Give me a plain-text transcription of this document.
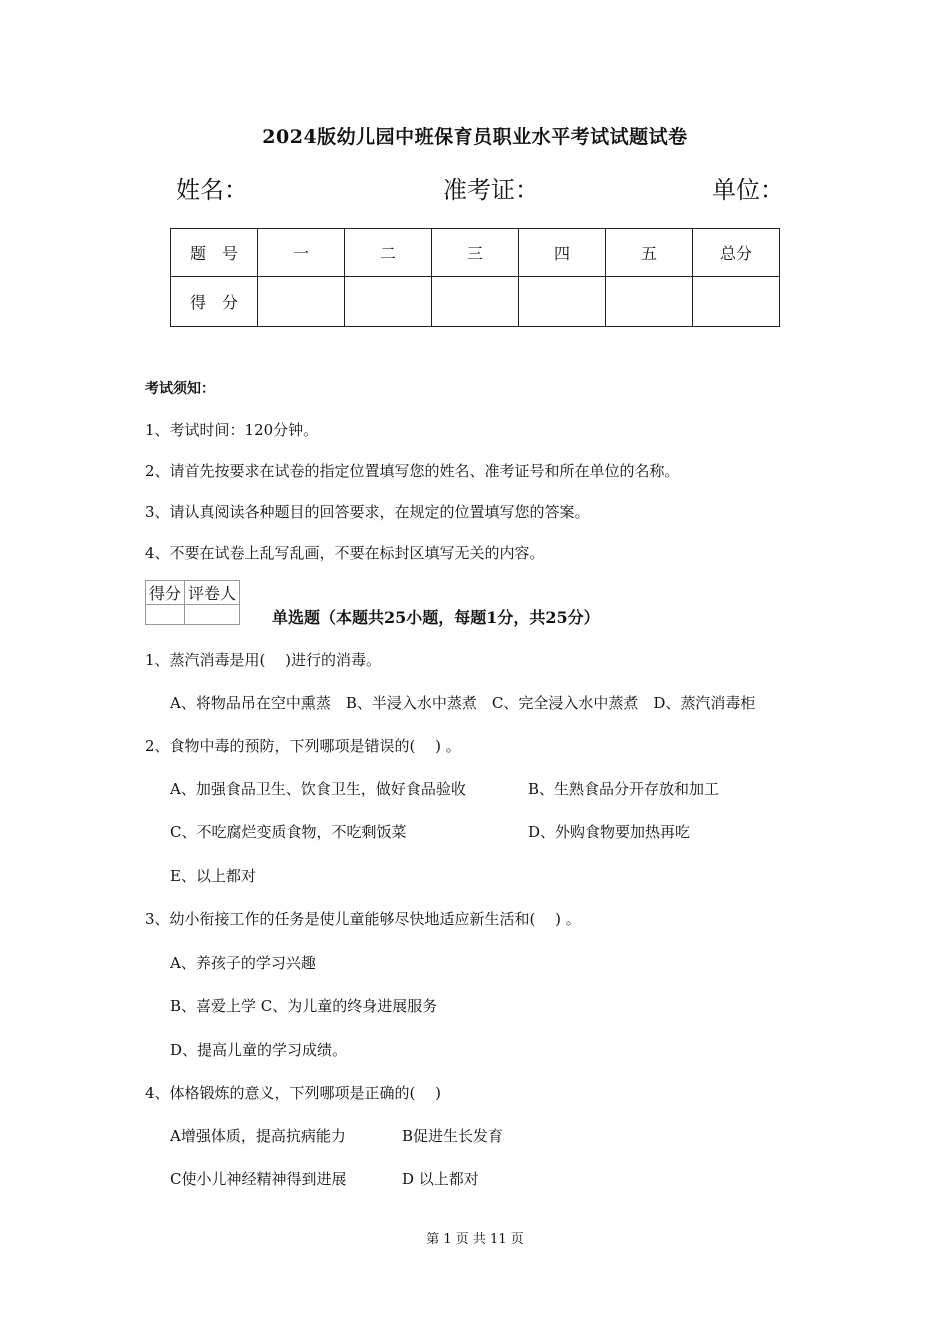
2024版幼儿园中班保育员职业水平考试试题试卷
姓名：	准考证：	单位：
题　号	一	二	三	四	五	总分
得　分						
考试须知：
1、考试时间：120分钟。
2、请首先按要求在试卷的指定位置填写您的姓名、准考证号和所在单位的名称。
3、请认真阅读各种题目的回答要求，在规定的位置填写您的答案。
4、不要在试卷上乱写乱画，不要在标封区填写无关的内容。
得分	评卷人

单选题（本题共25小题，每题1分，共25分）
1、蒸汽消毒是用(　 )进行的消毒。
A、将物品吊在空中熏蒸　B、半浸入水中蒸煮　C、完全浸入水中蒸煮　D、蒸汽消毒柜
2、食物中毒的预防，下列哪项是错误的(　 ) 。
A、加强食品卫生、饮食卫生，做好食品验收	B、生熟食品分开存放和加工
C、不吃腐烂变质食物，不吃剩饭菜	D、外购食物要加热再吃
E、以上都对
3、幼小衔接工作的任务是使儿童能够尽快地适应新生活和(　 ) 。
A、养孩子的学习兴趣
B、喜爱上学 C、为儿童的终身进展服务
D、提高儿童的学习成绩。
4、体格锻炼的意义，下列哪项是正确的(　 )
A增强体质，提高抗病能力	B促进生长发育
C使小儿神经精神得到进展	D 以上都对
第 1 页 共 11 页
